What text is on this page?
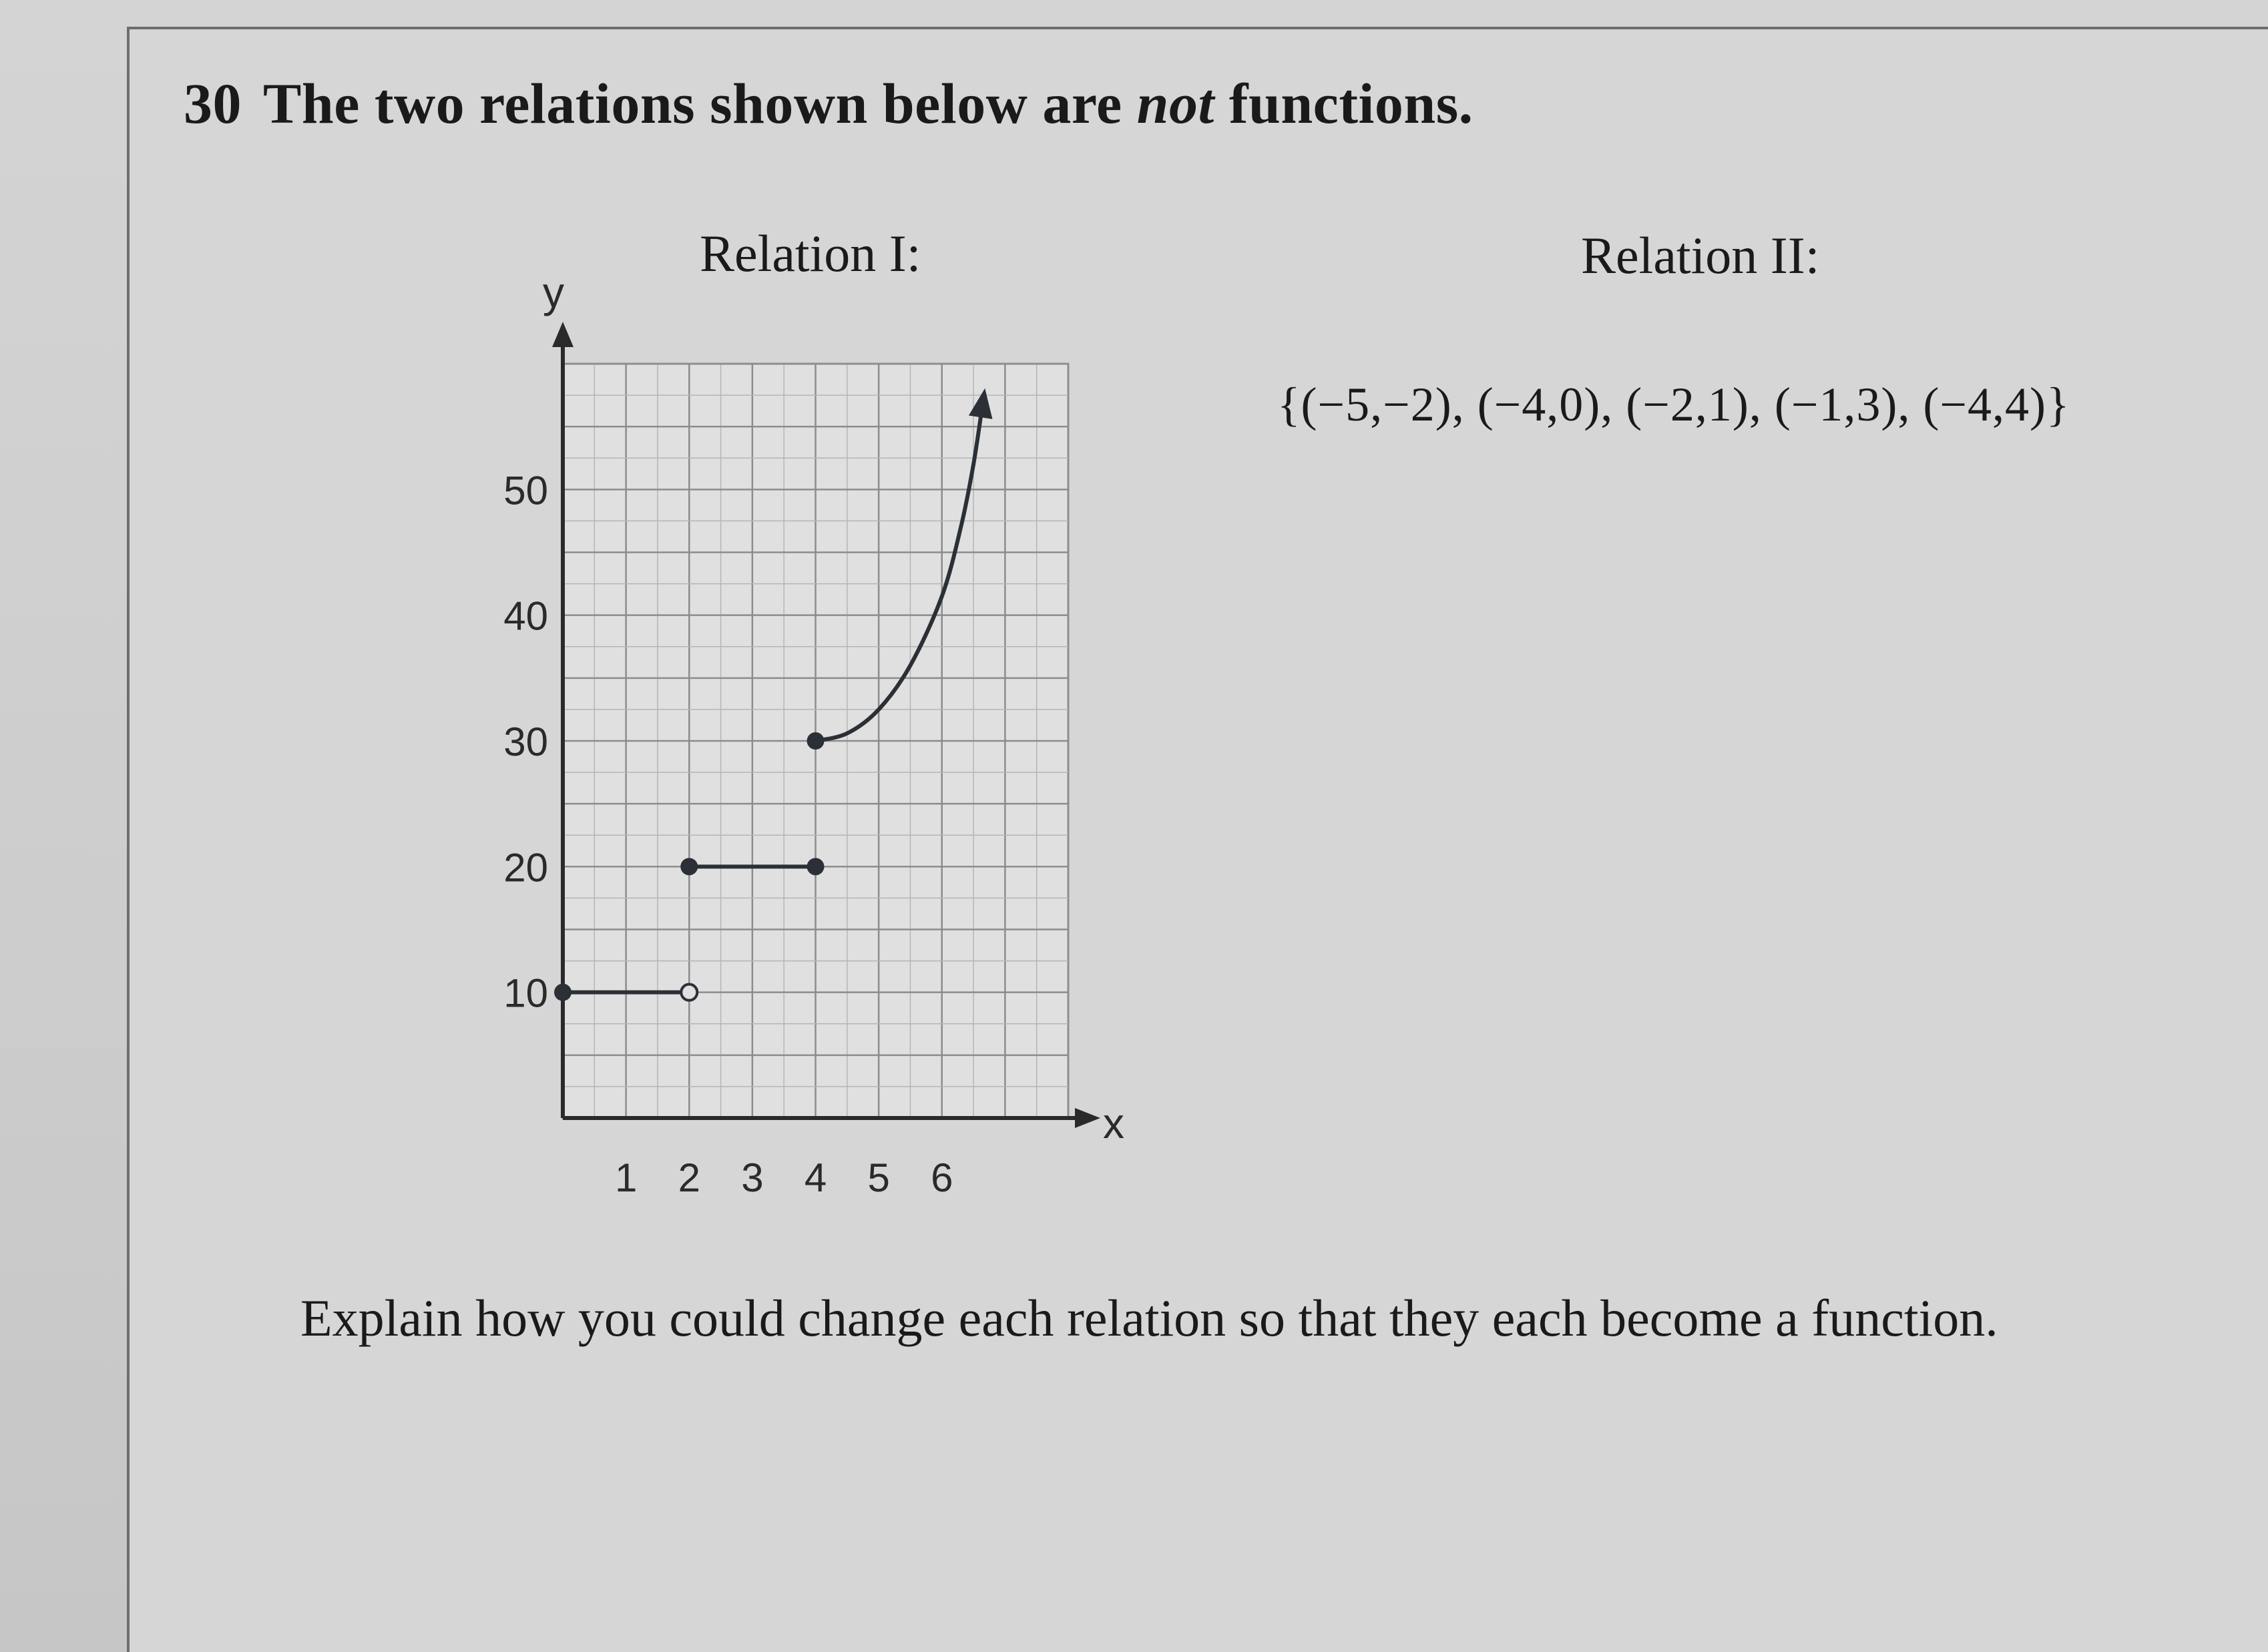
30 The two relations shown below are not functions.
Relation I:	Relation II:
{(−5,−2), (−4,0), (−2,1), (−1,3), (−4,4)}
1 2 3 4 5 6
10
20
30
40
50
x
y
Explain how you could change each relation so that they each become a function.
